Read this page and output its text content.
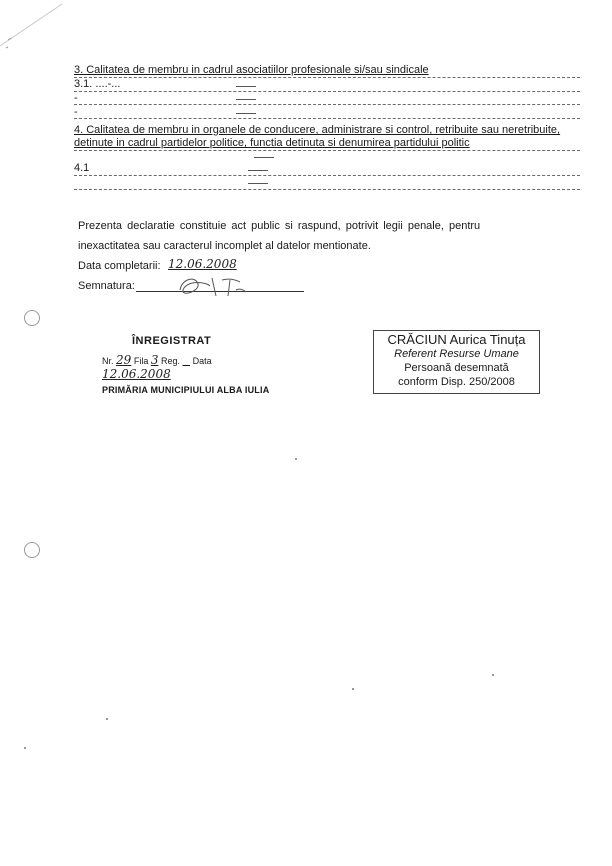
3. Calitatea de membru in cadrul asociatiilor profesionale si/sau sindicale
3.1. ....-...
-
-
4. Calitatea de membru in organele de conducere, administrare si control, retribuite sau neretribuite,
detinute in cadrul partidelor politice, functia detinuta si denumirea partidului politic
4.1
Prezenta declaratie constituie act public si raspund, potrivit legii penale, pentru
inexactitatea sau caracterul incomplet al datelor mentionate.
Data completarii: 12.06.2008
Semnatura:
ÎNREGISTRAT
Nr. 29 Fila 3 Reg. Data 12.06.2008
PRIMĂRIA MUNICIPIULUI ALBA IULIA
CRĂCIUN Aurica Tinuța
Referent Resurse Umane
Persoană desemnată
conform Disp. 250/2008
